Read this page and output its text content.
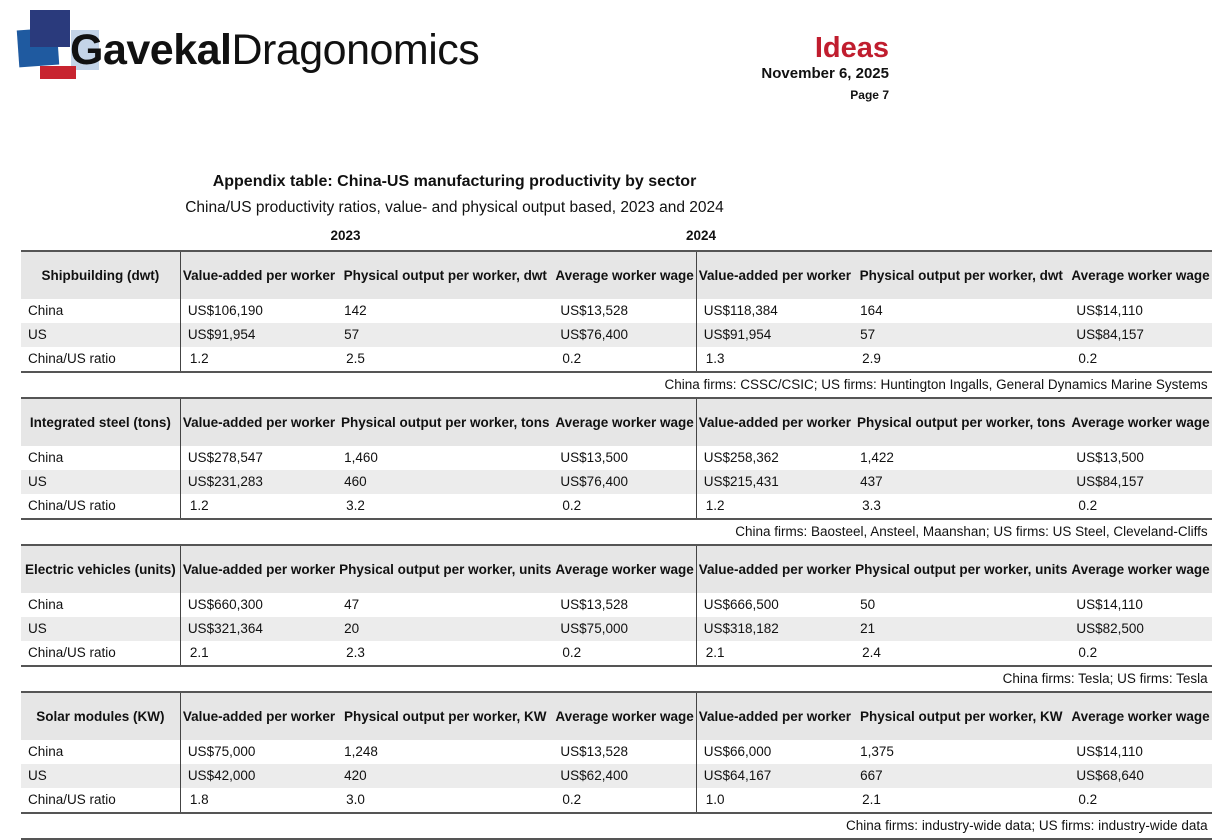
GavekalDragonomics	Ideas
November 6, 2025
Page 7
Appendix table: China-US manufacturing productivity by sector
China/US productivity ratios, value- and physical output based, 2023 and 2024
2023	2024
Shipbuilding (dwt)	Value-added per worker	Physical output per worker, dwt	Average worker wage	Value-added per worker	Physical output per worker, dwt	Average worker wage
China	US$106,190	142	US$13,528	US$118,384	164	US$14,110
US	US$91,954	57	US$76,400	US$91,954	57	US$84,157
China/US ratio	1.2	2.5	0.2	1.3	2.9	0.2
China firms: CSSC/CSIC; US firms: Huntington Ingalls, General Dynamics Marine Systems						
Integrated steel (tons)	Value-added per worker	Physical output per worker, tons	Average worker wage	Value-added per worker	Physical output per worker, tons	Average worker wage
China	US$278,547	1,460	US$13,500	US$258,362	1,422	US$13,500
US	US$231,283	460	US$76,400	US$215,431	437	US$84,157
China/US ratio	1.2	3.2	0.2	1.2	3.3	0.2
China firms: Baosteel, Ansteel, Maanshan; US firms: US Steel, Cleveland-Cliffs						
Electric vehicles (units)	Value-added per worker	Physical output per worker, units	Average worker wage	Value-added per worker	Physical output per worker, units	Average worker wage
China	US$660,300	47	US$13,528	US$666,500	50	US$14,110
US	US$321,364	20	US$75,000	US$318,182	21	US$82,500
China/US ratio	2.1	2.3	0.2	2.1	2.4	0.2
China firms: Tesla; US firms: Tesla						
Solar modules (KW)	Value-added per worker	Physical output per worker, KW	Average worker wage	Value-added per worker	Physical output per worker, KW	Average worker wage
China	US$75,000	1,248	US$13,528	US$66,000	1,375	US$14,110
US	US$42,000	420	US$62,400	US$64,167	667	US$68,640
China/US ratio	1.8	3.0	0.2	1.0	2.1	0.2
China firms: industry-wide data; US firms: industry-wide data						
